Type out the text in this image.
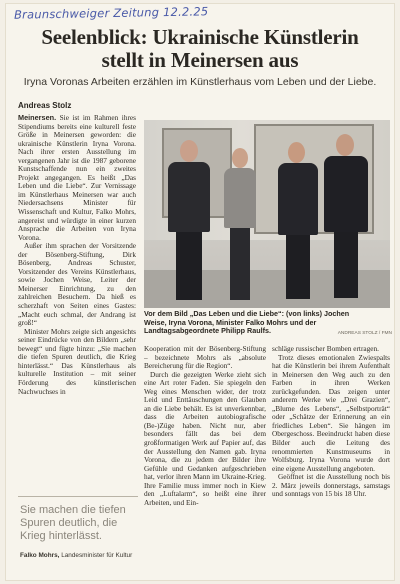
Braunschweiger Zeitung 12.2.25
Seelenblick: Ukrainische Künstlerin
stellt in Meinersen aus
Iryna Voronas Arbeiten erzählen im Künstlerhaus vom Leben und der Liebe.
Andreas Stolz

Meinersen. Sie ist im Rahmen ihres Stipendiums bereits eine kulturell feste Größe in Meinersen geworden: die ukrainische Künstlerin Iryna Vorona. Nach ihrer ersten Ausstellung im vergangenen Jahr ist die 1987 geborene Kunstschaffende nun ein zweites Projekt angegangen. Es heißt „Das Leben und die Liebe“. Zur Vernissage im Künstlerhaus Meinersen war auch Niedersachsens Minister für Wissenschaft und Kultur, Falko Mohrs, angereist und würdigte in einer kurzen Ansprache die Arbeiten von Iryna Vorona.

Außer ihm sprachen der Vorsitzende der Bösenberg-Stiftung, Dirk Bösenberg, Andreas Schuster, Vorsitzender des Vereins Künstlerhaus, sowie Jochen Weise, Leiter der Meinerser Einrichtung, zu den zahlreichen Besuchern. Da hieß es scherzhaft von Seiten eines Gastes: „Macht euch schmal, der Andrang ist groß!“

Minister Mohrs zeigte sich angesichts seiner Eindrücke von den Bildern „sehr bewegt“ und fügte hinzu: „Sie machen die tiefen Spuren deutlich, die Krieg hinterlässt.“ Das Künstlerhaus als kulturelle Institution – mit seiner Förderung des künstlerischen Nachwuchses in

Sie machen die tiefen Spuren deutlich, die Krieg hinterlässt.
Falko Mohrs, Landesminister für Kultur
Vor dem Bild „Das Leben und die Liebe“: (von links) Jochen Weise, Iryna Vorona, Minister Falko Mohrs und der Landtagsabgeordnete Philipp Raulfs.	ANDREAS STOLZ / FMN

Kooperation mit der Bösenberg-Stiftung – bezeichnete Mohrs als „absolute Bereicherung für die Region“.

Durch die gezeigten Werke zieht sich eine Art roter Faden. Sie spiegeln den Weg eines Menschen wider, der trotz Leid und Enttäuschungen den Glauben an die Liebe behält. Es ist unverkennbar, dass die Arbeiten autobiografische (Be-)Züge haben. Nicht nur, aber besonders fällt das bei dem großformatigen Werk auf Papier auf, das der Ausstellung den Namen gab. Iryna Vorona, die zu jedem der Bilder ihre Gefühle und Gedanken aufgeschrieben hat, verlor ihren Mann im Ukraine-Krieg. Ihre Familie muss immer noch in Kiew den „Luftalarm“, so heißt eine ihrer Arbeiten, und Ein-

schläge russischer Bomben ertragen.

Trotz dieses emotionalen Zwiespalts hat die Künstlerin bei ihrem Aufenthalt in Meinersen den Weg auch zu den Farben in ihren Werken zurückgefunden. Das zeigen unter anderem Werke wie „Drei Grazien“, „Blume des Lebens“, „Selbstporträt“ oder „Schätze der Erinnerung an ein friedliches Leben“. Sie hängen im Obergeschoss. Beeindruckt haben diese Bilder auch die Leitung des renommierten Kunstmuseums in Wolfsburg. Iryna Vorona wurde dort eine eigene Ausstellung angeboten.

Geöffnet ist die Ausstellung noch bis 2. März jeweils donnerstags, samstags und sonntags von 15 bis 18 Uhr.
